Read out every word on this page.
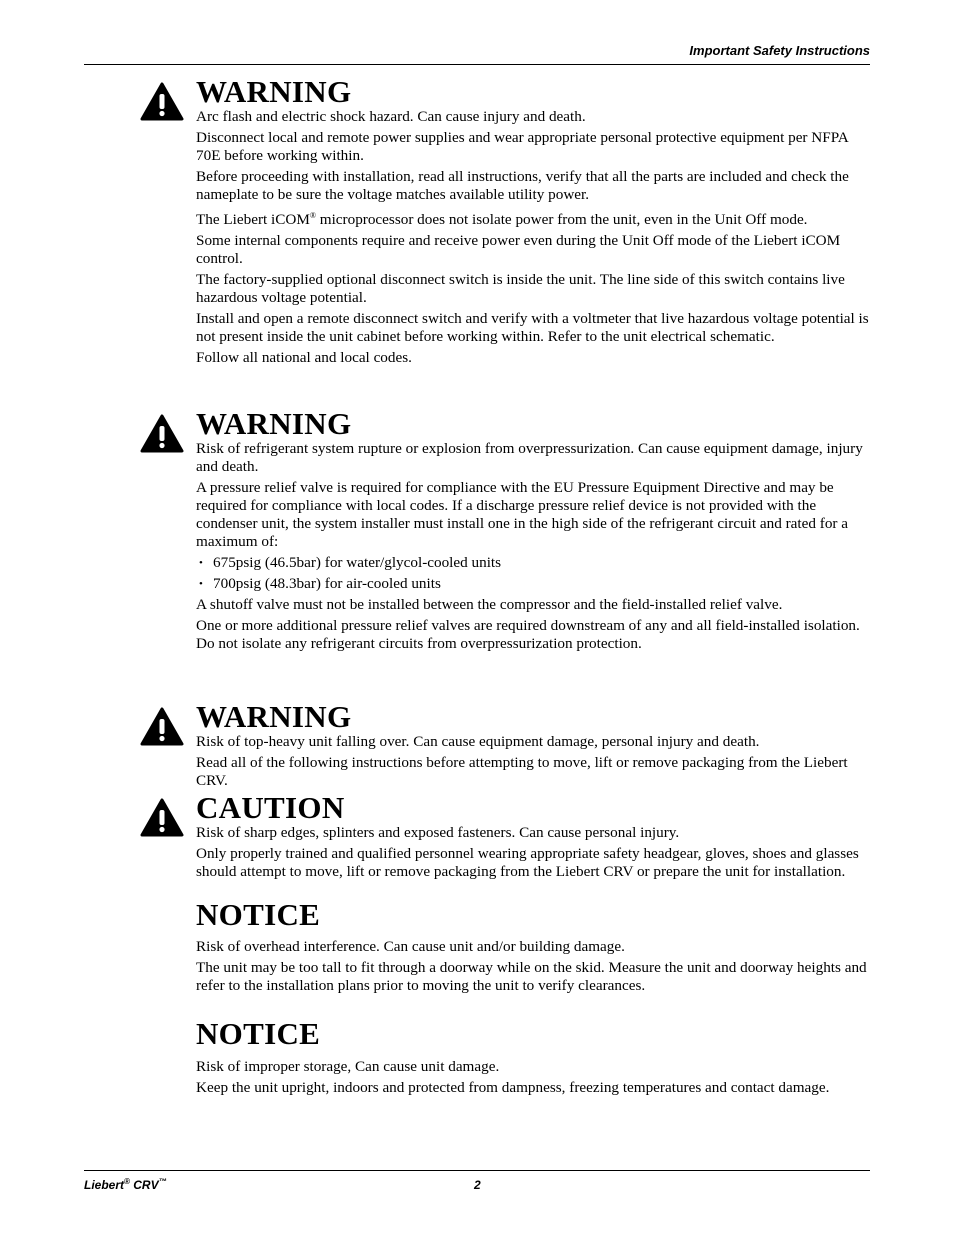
Important Safety Instructions
WARNING

Arc flash and electric shock hazard. Can cause injury and death.

Disconnect local and remote power supplies and wear appropriate personal protective equipment per NFPA 70E before working within.

Before proceeding with installation, read all instructions, verify that all the parts are included and check the nameplate to be sure the voltage matches available utility power.

The Liebert iCOM® microprocessor does not isolate power from the unit, even in the Unit Off mode.

Some internal components require and receive power even during the Unit Off mode of the Liebert iCOM control.

The factory-supplied optional disconnect switch is inside the unit. The line side of this switch contains live hazardous voltage potential.

Install and open a remote disconnect switch and verify with a voltmeter that live hazardous voltage potential is not present inside the unit cabinet before working within. Refer to the unit electrical schematic.

Follow all national and local codes.

WARNING

Risk of refrigerant system rupture or explosion from overpressurization. Can cause equipment damage, injury and death.

A pressure relief valve is required for compliance with the EU Pressure Equipment Directive and may be required for compliance with local codes. If a discharge pressure relief device is not provided with the condenser unit, the system installer must install one in the high side of the refrigerant circuit and rated for a maximum of:

• 675psig (46.5bar) for water/glycol-cooled units
• 700psig (48.3bar) for air-cooled units

A shutoff valve must not be installed between the compressor and the field-installed relief valve.

One or more additional pressure relief valves are required downstream of any and all field-installed isolation. Do not isolate any refrigerant circuits from overpressurization protection.

WARNING

Risk of top-heavy unit falling over. Can cause equipment damage, personal injury and death.

Read all of the following instructions before attempting to move, lift or remove packaging from the Liebert CRV.

CAUTION

Risk of sharp edges, splinters and exposed fasteners. Can cause personal injury.

Only properly trained and qualified personnel wearing appropriate safety headgear, gloves, shoes and glasses should attempt to move, lift or remove packaging from the Liebert CRV or prepare the unit for installation.

NOTICE

Risk of overhead interference. Can cause unit and/or building damage.

The unit may be too tall to fit through a doorway while on the skid. Measure the unit and doorway heights and refer to the installation plans prior to moving the unit to verify clearances.

NOTICE

Risk of improper storage, Can cause unit damage.

Keep the unit upright, indoors and protected from dampness, freezing temperatures and contact damage.

Liebert® CRV™	2
